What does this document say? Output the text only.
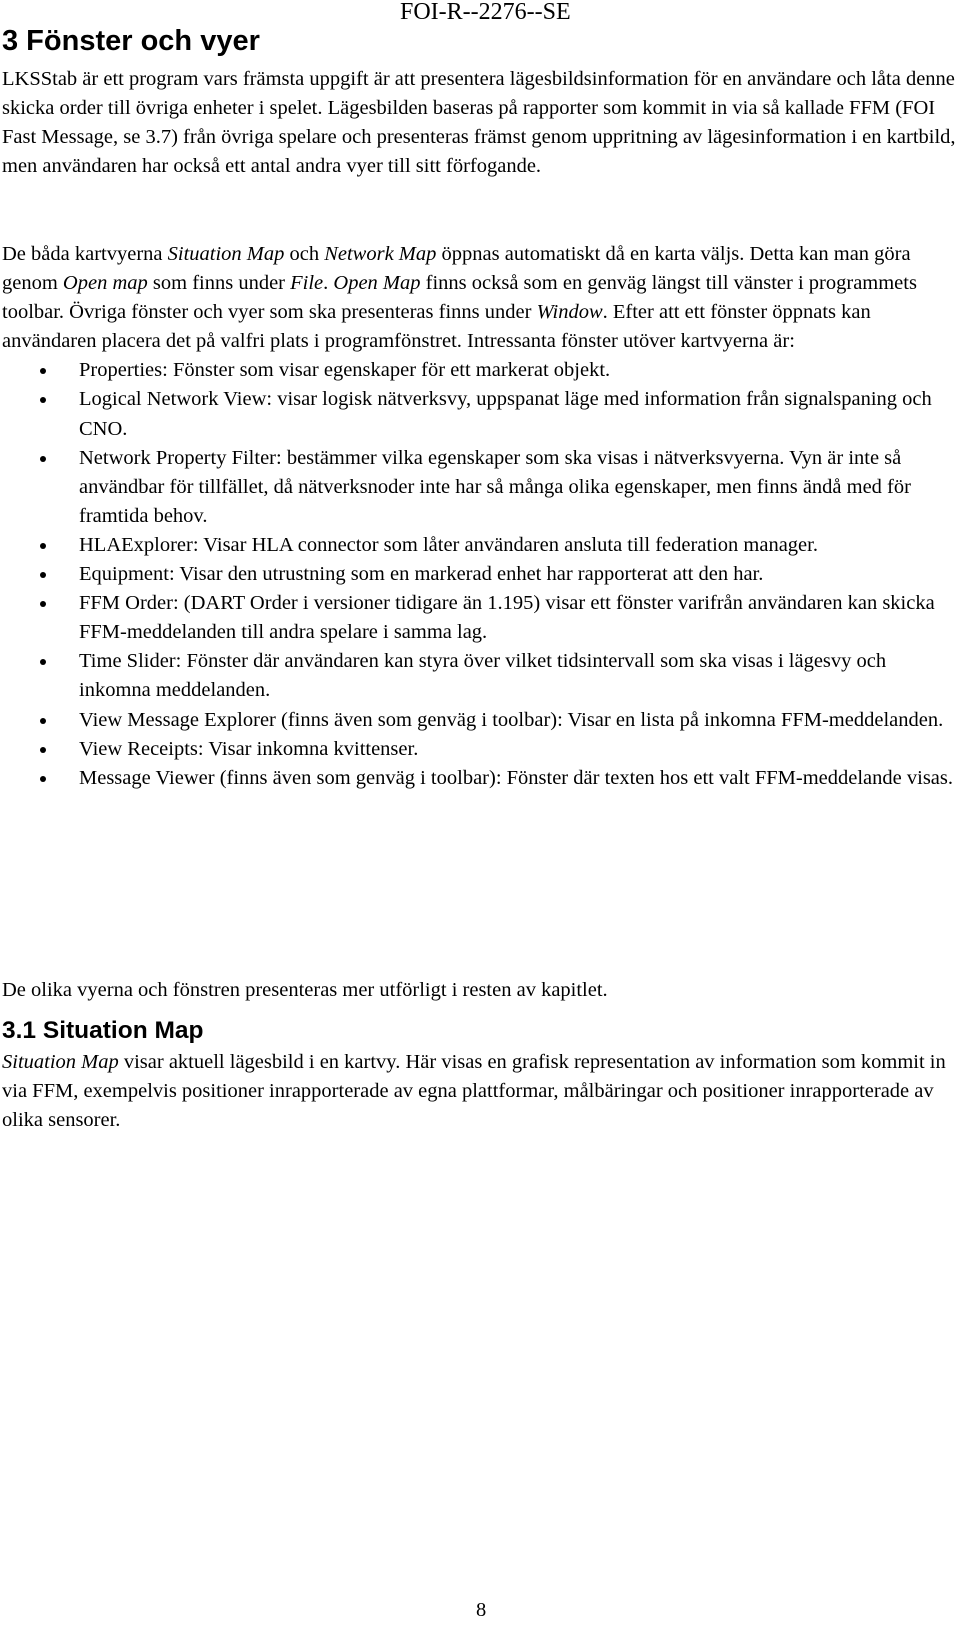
FOI-R--2276--SE
3 Fönster och vyer

LKSStab är ett program vars främsta uppgift är att presentera lägesbildsinformation för en användare och låta denne skicka order till övriga enheter i spelet. Lägesbilden baseras på rapporter som kommit in via så kallade FFM (FOI Fast Message, se 3.7) från övriga spelare och presenteras främst genom uppritning av lägesinformation i en kartbild, men användaren har också ett antal andra vyer till sitt förfogande.

De båda kartvyerna Situation Map och Network Map öppnas automatiskt då en karta väljs. Detta kan man göra genom Open map som finns under File. Open Map finns också som en genväg längst till vänster i programmets toolbar. Övriga fönster och vyer som ska presenteras finns under Window. Efter att ett fönster öppnats kan användaren placera det på valfri plats i programfönstret. Intressanta fönster utöver kartvyerna är:

Properties: Fönster som visar egenskaper för ett markerat objekt.
Logical Network View: visar logisk nätverksvy, uppspanat läge med information från signalspaning och CNO.
Network Property Filter: bestämmer vilka egenskaper som ska visas i nätverksvyerna. Vyn är inte så användbar för tillfället, då nätverksnoder inte har så många olika egenskaper, men finns ändå med för framtida behov.
HLAExplorer: Visar HLA connector som låter användaren ansluta till federation manager.
Equipment: Visar den utrustning som en markerad enhet har rapporterat att den har.
FFM Order: (DART Order i versioner tidigare än 1.195) visar ett fönster varifrån användaren kan skicka FFM-meddelanden till andra spelare i samma lag.
Time Slider: Fönster där användaren kan styra över vilket tidsintervall som ska visas i lägesvy och inkomna meddelanden.
View Message Explorer (finns även som genväg i toolbar): Visar en lista på inkomna FFM-meddelanden.
View Receipts: Visar inkomna kvittenser.
Message Viewer (finns även som genväg i toolbar): Fönster där texten hos ett valt FFM-meddelande visas.

De olika vyerna och fönstren presenteras mer utförligt i resten av kapitlet.

3.1 Situation Map

Situation Map visar aktuell lägesbild i en kartvy. Här visas en grafisk representation av information som kommit in via FFM, exempelvis positioner inrapporterade av egna plattformar, målbäringar och positioner inrapporterade av olika sensorer.

8
